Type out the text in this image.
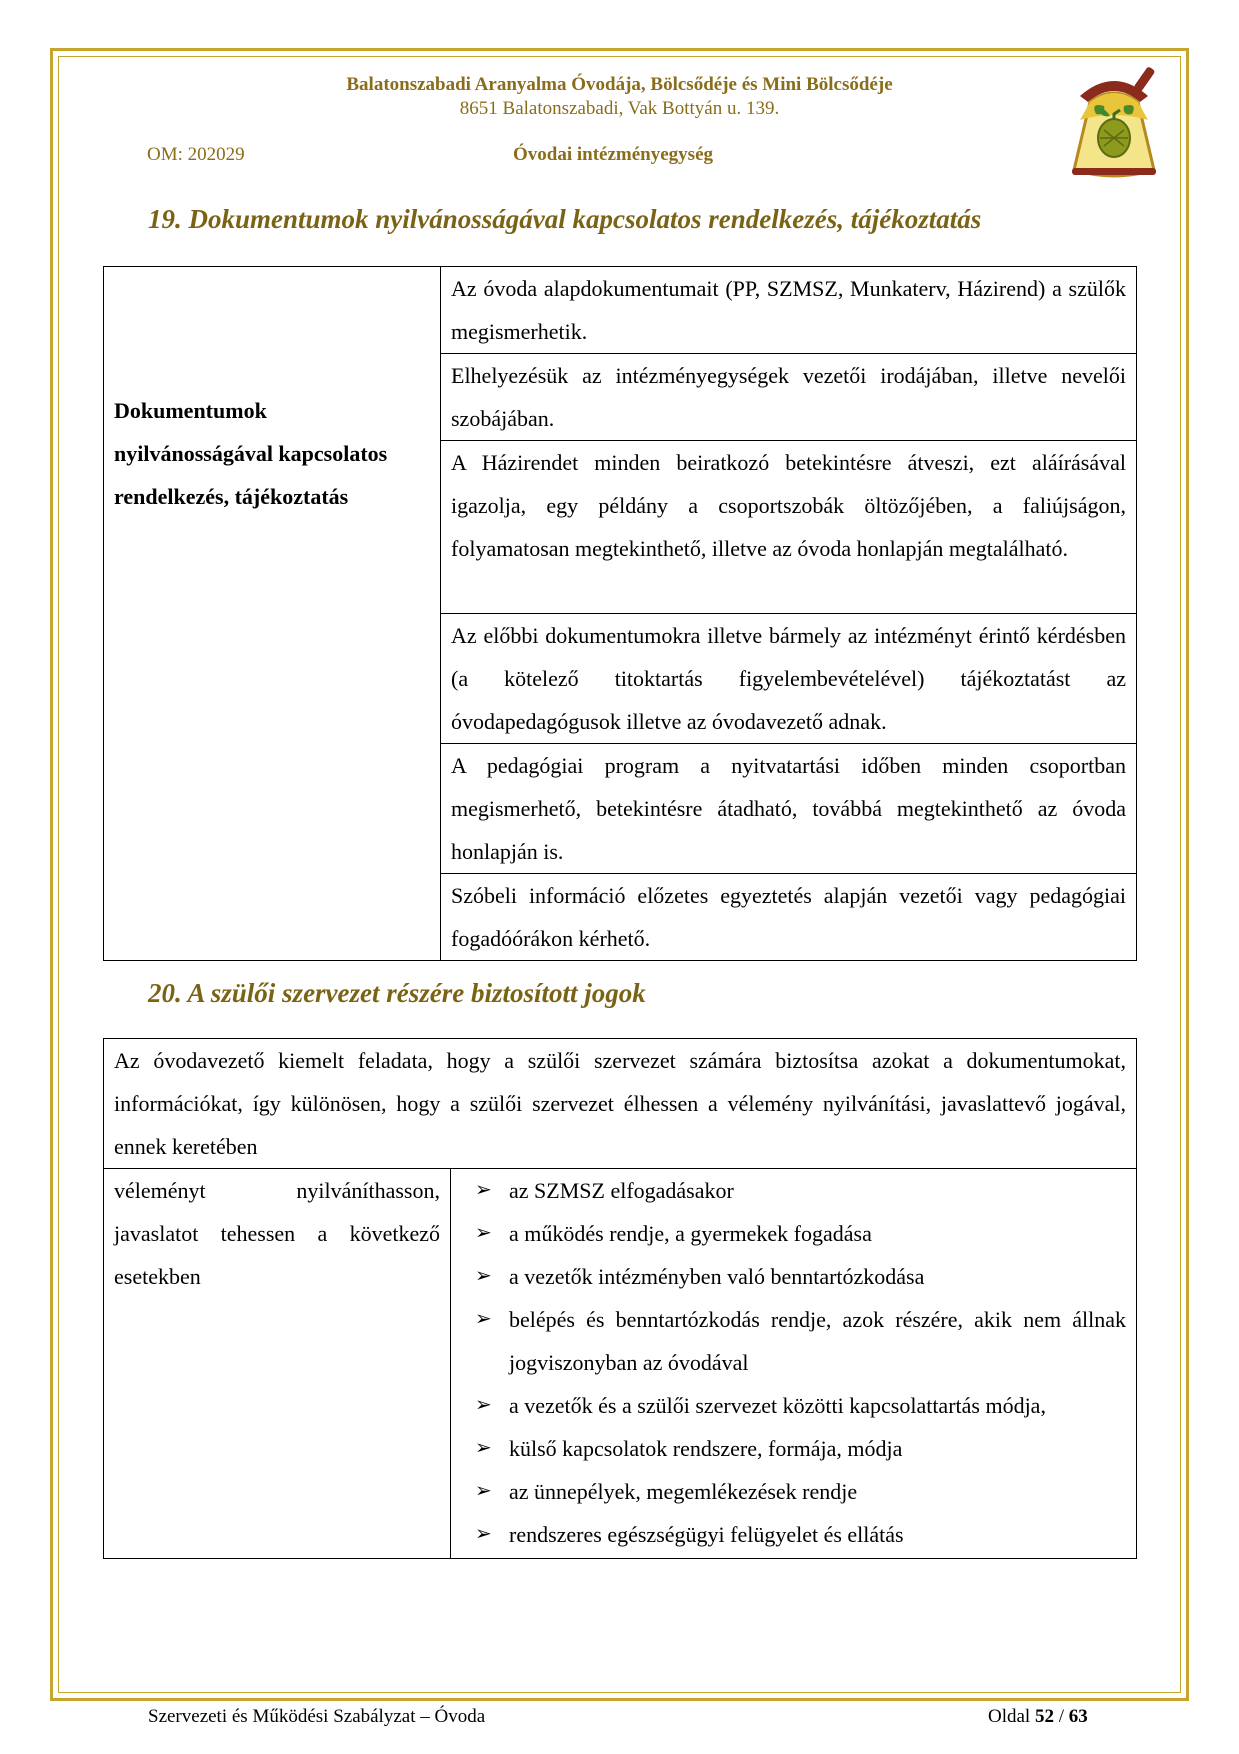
Balatonszabadi Aranyalma Óvodája, Bölcsődéje és Mini Bölcsődéje
8651 Balatonszabadi, Vak Bottyán u. 139.
OM: 202029	Óvodai intézményegység
19. Dokumentumok nyilvánosságával kapcsolatos rendelkezés, tájékoztatás
Dokumentumok
nyilvánosságával kapcsolatos
rendelkezés, tájékoztatás
	Az óvoda alapdokumentumait (PP, SZMSZ, Munkaterv, Házirend) a szülők megismerhetik.
Elhelyezésük az intézményegységek vezetői irodájában, illetve nevelői szobájában.
A Házirendet minden beiratkozó betekintésre átveszi, ezt aláírásával igazolja, egy példány a csoportszobák öltözőjében, a faliújságon, folyamatosan megtekinthető, illetve az óvoda honlapján megtalálható.
Az előbbi dokumentumokra illetve bármely az intézményt érintő kérdésben (a kötelező titoktartás figyelembevételével) tájékoztatást az óvodapedagógusok illetve az óvodavezető adnak.
A pedagógiai program a nyitvatartási időben minden csoportban megismerhető, betekintésre átadható, továbbá megtekinthető az óvoda honlapján is.
Szóbeli információ előzetes egyeztetés alapján vezetői vagy pedagógiai fogadóórákon kérhető.
20. A szülői szervezet részére biztosított jogok
Az óvodavezető kiemelt feladata, hogy a szülői szervezet számára biztosítsa azokat a dokumentumokat, információkat, így különösen, hogy a szülői szervezet élhessen a vélemény nyilvánítási, javaslattevő jogával, ennek keretében
véleményt nyilváníthasson, javaslatot tehessen a következő esetekben	
➢ az SZMSZ elfogadásakor
➢ a működés rendje, a gyermekek fogadása
➢ a vezetők intézményben való benntartózkodása
➢ belépés és benntartózkodás rendje, azok részére, akik nem állnak    jogviszonyban az óvodával
➢ a vezetők és a szülői szervezet közötti kapcsolattartás módja,
➢ külső kapcsolatok rendszere, formája, módja
➢ az ünnepélyek, megemlékezések rendje
➢ rendszeres egészségügyi felügyelet és ellátás
Szervezeti és Működési Szabályzat – Óvoda	Oldal 52 / 63
